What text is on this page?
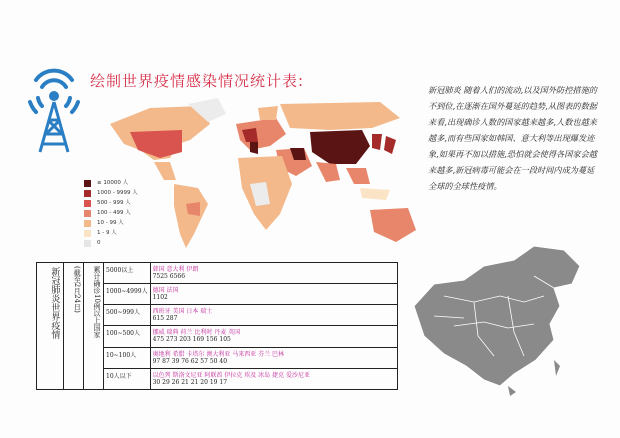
绘制世界疫情感染情况统计表:
≥ 10000 人
1000 - 9999 人
500 - 999 人
100 - 499 人
10 - 99 人
1 - 9 人
0
新冠肺炎 随着人们的流动,以及国外防控措施的不到位,在逐渐在国外蔓延的趋势,从图表的数据来看,出现确诊人数的国家越来越多,人数也越来越多,而有些国家如韩国、意大利等出现爆发迹象,如果再不加以措施,恐怕就会使得各国家会越来越多,新冠病毒可能会在一段时间内成为蔓延全球的全球性疫情。
新冠肺炎世界疫情	(截至2月24日)	累计确诊10例以上国家	5000以上	韩国 意大利 伊朗
7525 6566

			1000~4999人	德国 法国
1102

			500~999人	西班牙 美国 日本 瑞士
615 287

			100~500人	挪威 瑞典 荷兰 比利时 丹麦 英国
475 273 203 169 156 105

			10~100人	奥地利 希腊 卡塔尔 澳大利亚 马来西亚 芬兰 巴林
97 87 39 76 62 57 50 40

			10人以下	以色列 斯洛文尼亚 阿联酋 伊拉克 埃及 冰岛 捷克 爱沙尼亚
30 29 26 21 21 20 19 17
